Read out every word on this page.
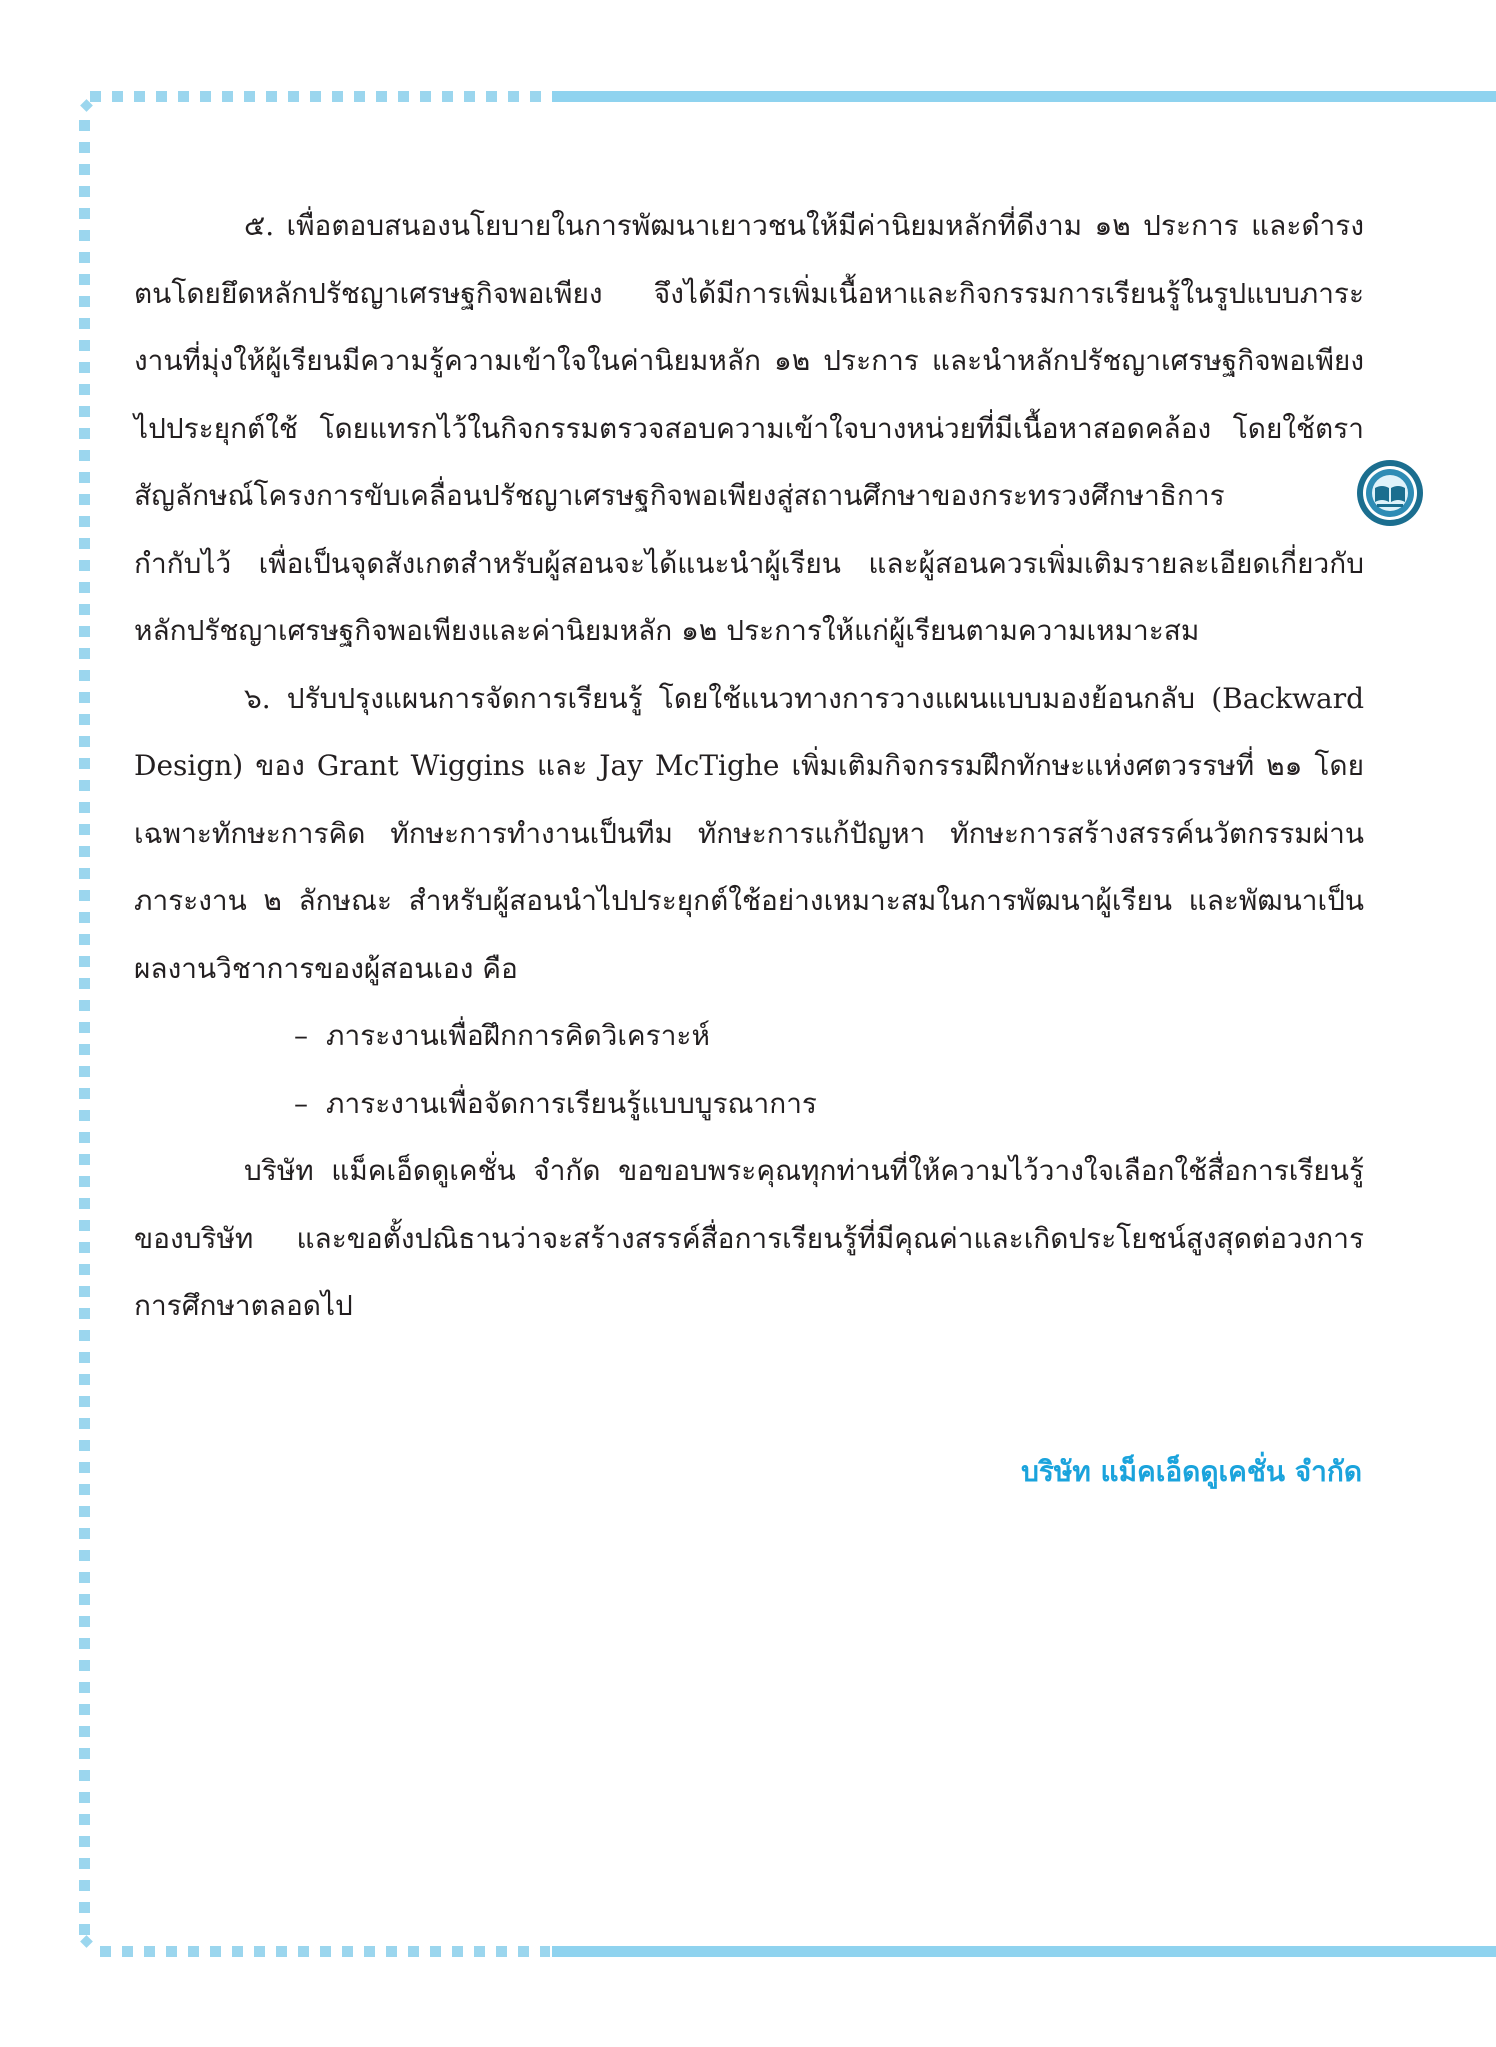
๕. เพื่อตอบสนองนโยบายในการพัฒนาเยาวชนให้มีค่านิยมหลักที่ดีงาม ๑๒ ประการ และดำรงตนโดยยึดหลักปรัชญาเศรษฐกิจพอเพียง จึงได้มีการเพิ่มเนื้อหาและกิจกรรมการเรียนรู้ในรูปแบบภาระงานที่มุ่งให้ผู้เรียนมีความรู้ความเข้าใจในค่านิยมหลัก ๑๒ ประการ และนำหลักปรัชญาเศรษฐกิจพอเพียงไปประยุกต์ใช้ โดยแทรกไว้ในกิจกรรมตรวจสอบความเข้าใจบางหน่วยที่มีเนื้อหาสอดคล้อง โดยใช้ตราสัญลักษณ์โครงการขับเคลื่อนปรัชญาเศรษฐกิจพอเพียงสู่สถานศึกษาของกระทรวงศึกษาธิการกำกับไว้ เพื่อเป็นจุดสังเกตสำหรับผู้สอนจะได้แนะนำผู้เรียน และผู้สอนควรเพิ่มเติมรายละเอียดเกี่ยวกับหลักปรัชญาเศรษฐกิจพอเพียงและค่านิยมหลัก ๑๒ ประการให้แก่ผู้เรียนตามความเหมาะสม

๖. ปรับปรุงแผนการจัดการเรียนรู้ โดยใช้แนวทางการวางแผนแบบมองย้อนกลับ (Backward Design) ของ Grant Wiggins และ Jay McTighe เพิ่มเติมกิจกรรมฝึกทักษะแห่งศตวรรษที่ ๒๑ โดยเฉพาะทักษะการคิด ทักษะการทำงานเป็นทีม ทักษะการแก้ปัญหา ทักษะการสร้างสรรค์นวัตกรรมผ่านภาระงาน ๒ ลักษณะ สำหรับผู้สอนนำไปประยุกต์ใช้อย่างเหมาะสมในการพัฒนาผู้เรียน และพัฒนาเป็นผลงานวิชาการของผู้สอนเอง คือ

– ภาระงานเพื่อฝึกการคิดวิเคราะห์

– ภาระงานเพื่อจัดการเรียนรู้แบบบูรณาการ

บริษัท แม็คเอ็ดดูเคชั่น จำกัด ขอขอบพระคุณทุกท่านที่ให้ความไว้วางใจเลือกใช้สื่อการเรียนรู้ของบริษัท และขอตั้งปณิธานว่าจะสร้างสรรค์สื่อการเรียนรู้ที่มีคุณค่าและเกิดประโยชน์สูงสุดต่อวงการการศึกษาตลอดไป

บริษัท แม็คเอ็ดดูเคชั่น จำกัด
